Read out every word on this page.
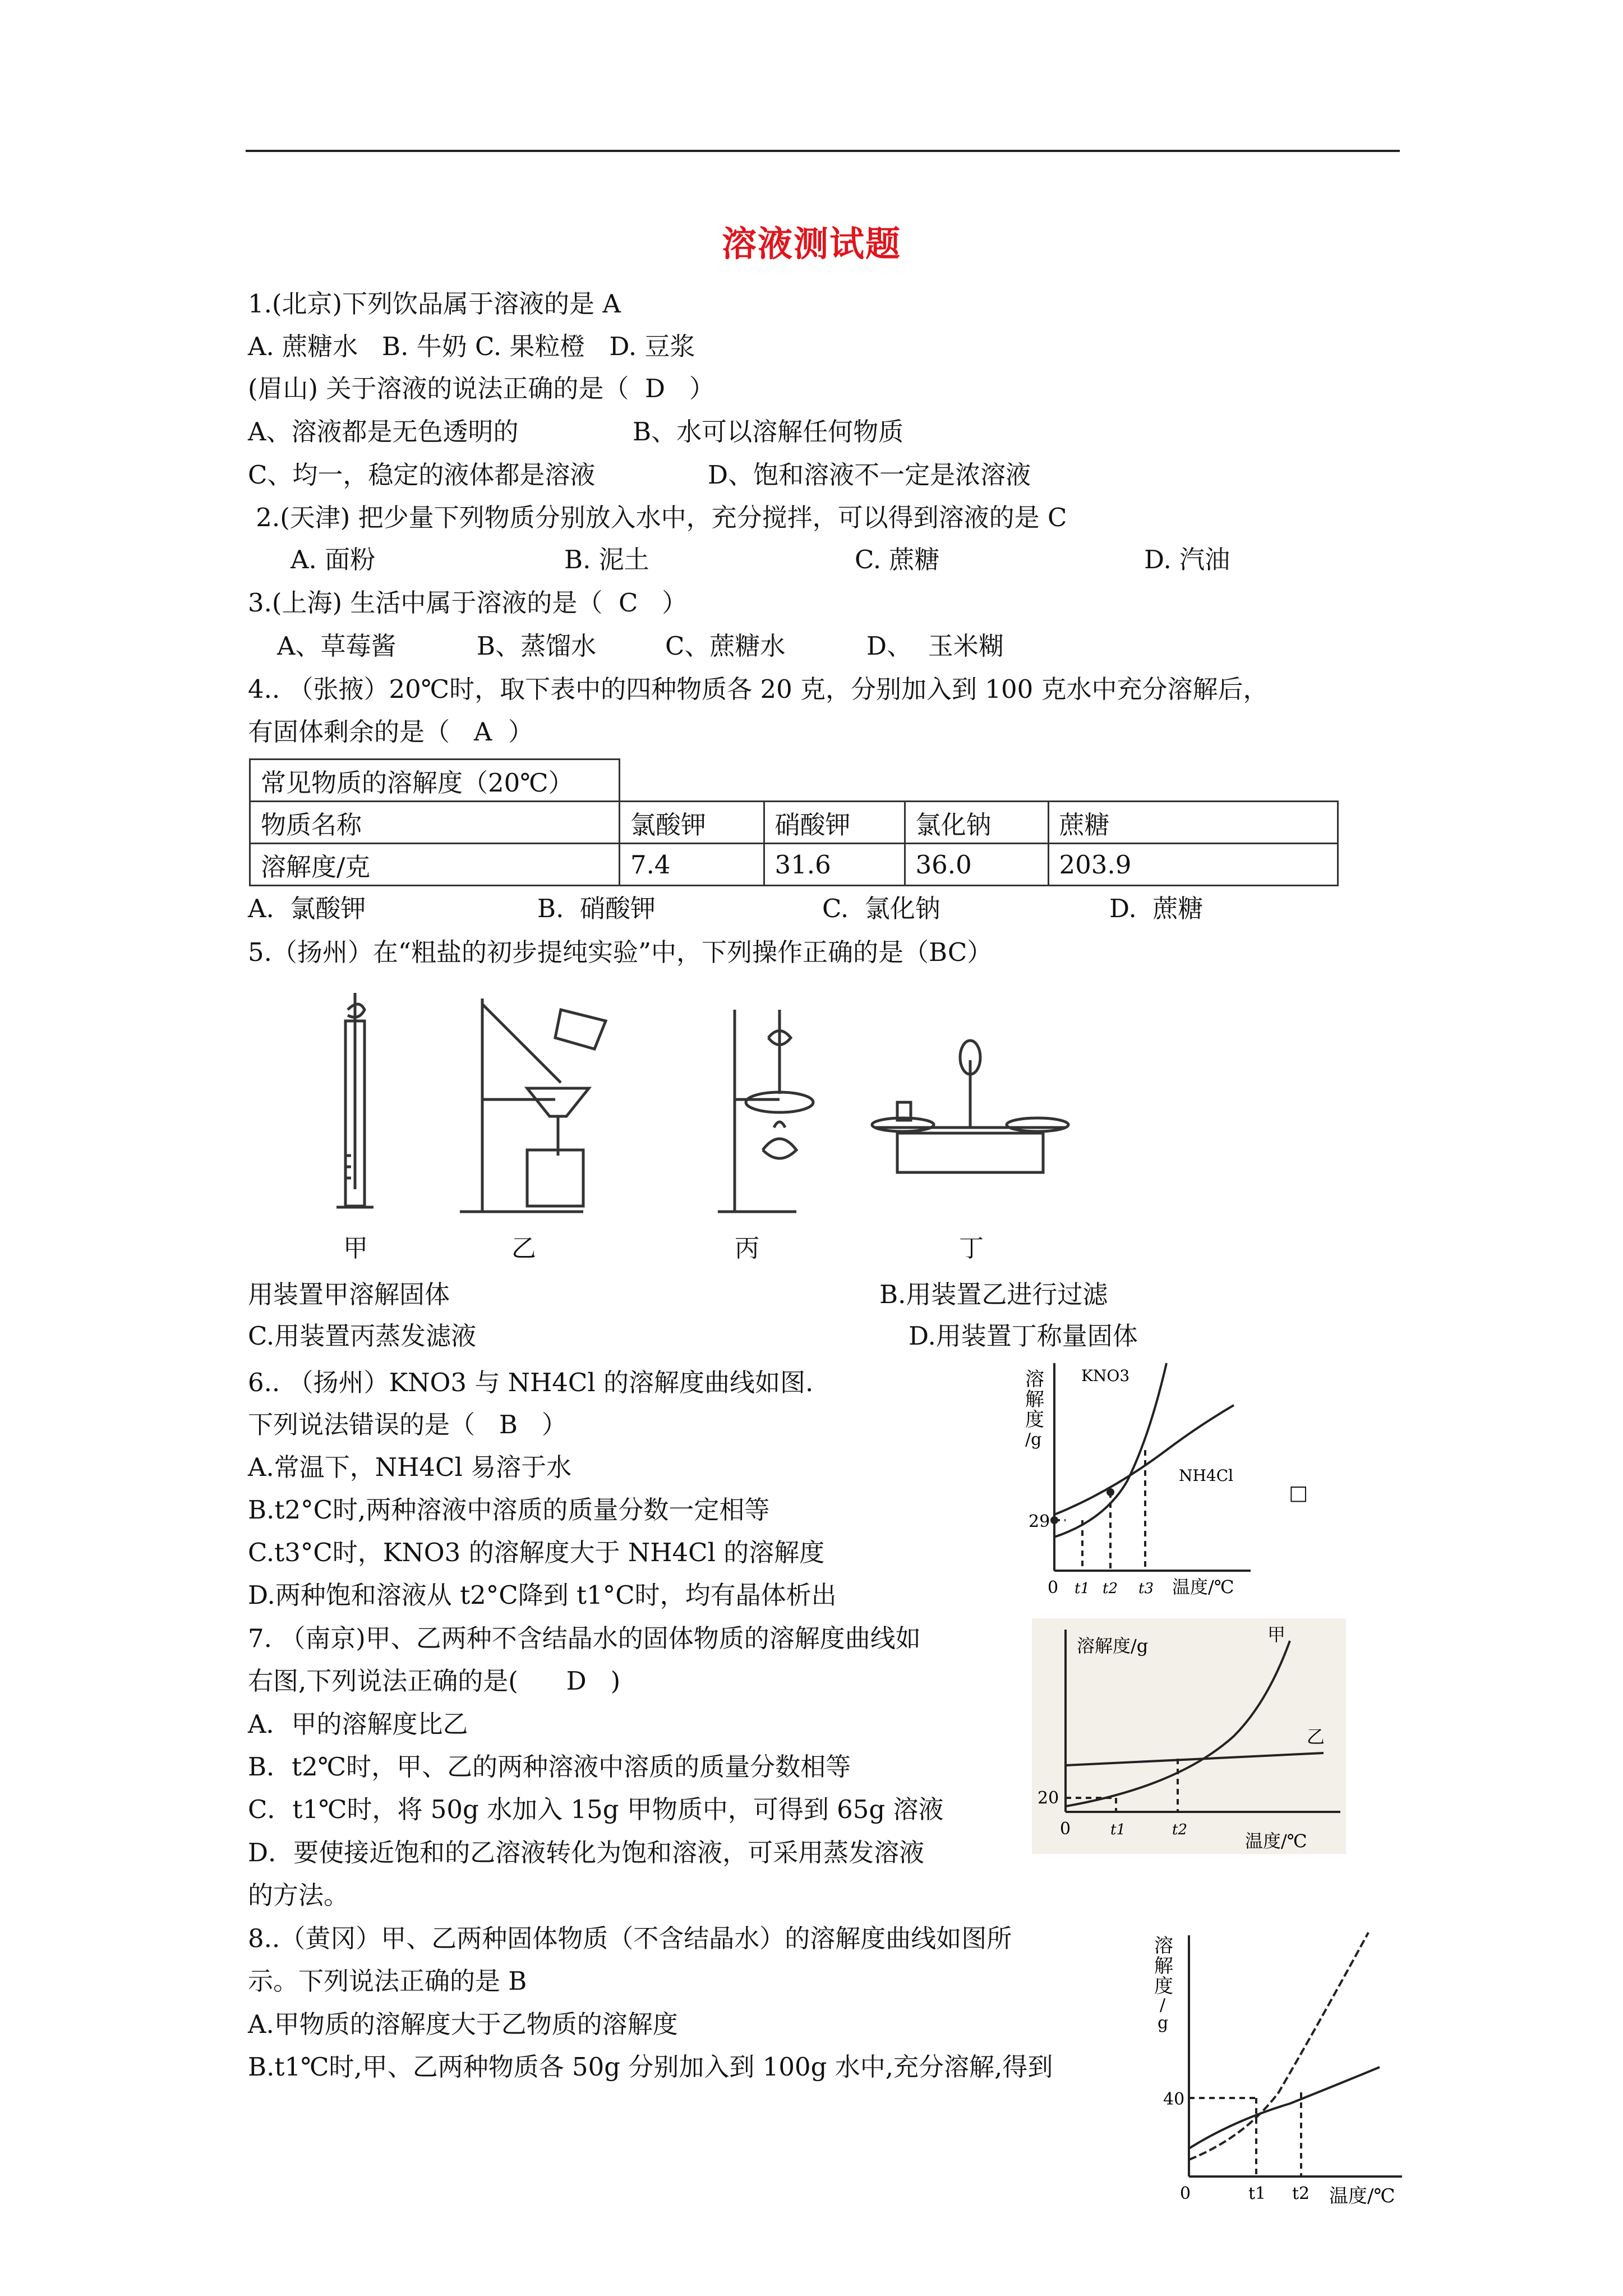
溶液测试题
1.(北京)下列饮品属于溶液的是 A
A. 蔗糖水   B. 牛奶 C. 果粒橙   D. 豆浆
(眉山) 关于溶液的说法正确的是（  D   ）
A、溶液都是无色透明的	B、水可以溶解任何物质
C、均一，稳定的液体都是溶液	D、饱和溶液不一定是浓溶液
2.(天津) 把少量下列物质分别放入水中，充分搅拌，可以得到溶液的是 C
A. 面粉	B. 泥土	C. 蔗糖	D. 汽油
3.(上海) 生活中属于溶液的是（  C   ）
A、草莓酱	B、蒸馏水	C、蔗糖水	D、  玉米糊
4.. （张掖）20℃时，取下表中的四种物质各 20 克，分别加入到 100 克水中充分溶解后，
有固体剩余的是（   A  ）
常见物质的溶解度（20℃）				
物质名称	氯酸钾	硝酸钾	氯化钠	蔗糖
溶解度/克	7.4	31.6	36.0	203.9
A.  氯酸钾	B.  硝酸钾	C.  氯化钠	D.  蔗糖
5.（扬州）在“粗盐的初步提纯实验”中，下列操作正确的是（BC）
甲	乙	丙	丁
用装置甲溶解固体	B.用装置乙进行过滤
C.用装置丙蒸发滤液	D.用装置丁称量固体
6.. （扬州）KNO3 与 NH4Cl 的溶解度曲线如图.
下列说法错误的是（   B   ）
A.常温下，NH4Cl 易溶于水
B.t2°C时,两种溶液中溶质的质量分数一定相等
C.t3°C时，KNO3 的溶解度大于 NH4Cl 的溶解度
D.两种饱和溶液从 t2°C降到 t1°C时，均有晶体析出
溶
解
度
/g
KNO3
NH4Cl
29
0 t1 t2 t3 温度/℃
□
7. （南京)甲、乙两种不含结晶水的固体物质的溶解度曲线如
右图,下列说法正确的是(      D   )
A．甲的溶解度比乙
B．t2℃时，甲、乙的两种溶液中溶质的质量分数相等
C．t1℃时，将 50g 水加入 15g 甲物质中，可得到 65g 溶液
D．要使接近饱和的乙溶液转化为饱和溶液，可采用蒸发溶液
的方法。
溶解度/g
甲
乙
20
0	t1	t2
温度/℃
8..（黄冈）甲、乙两种固体物质（不含结晶水）的溶解度曲线如图所
示。下列说法正确的是 B
A.甲物质的溶解度大于乙物质的溶解度
B.t1℃时,甲、乙两种物质各 50g 分别加入到 100g 水中,充分溶解,得到
溶
解
度
/
g
40
0	t1 t2 温度/℃
